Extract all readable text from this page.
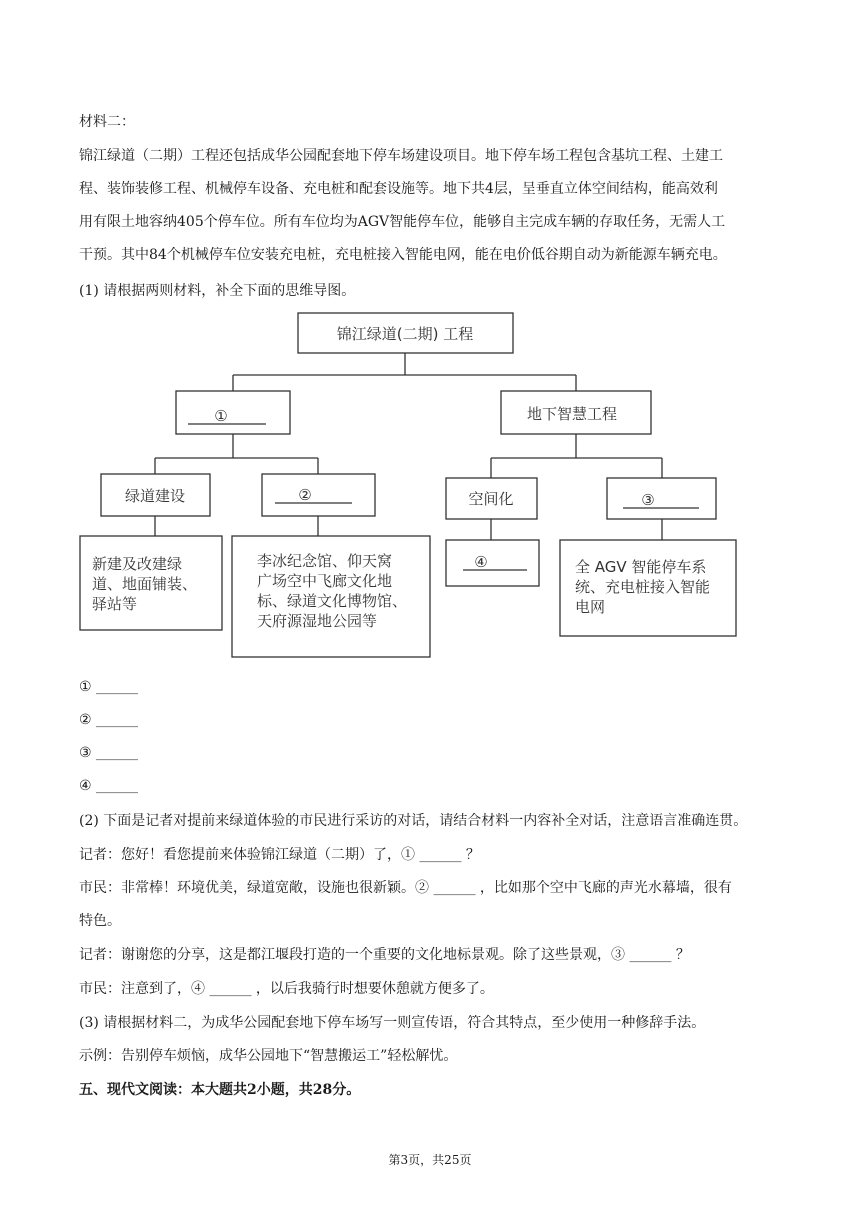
材料二：
锦江绿道（二期）工程还包括成华公园配套地下停车场建设项目。地下停车场工程包含基坑工程、土建工
程、装饰装修工程、机械停车设备、充电桩和配套设施等。地下共4层，呈垂直立体空间结构，能高效利
用有限土地容纳405个停车位。所有车位均为AGV智能停车位，能够自主完成车辆的存取任务，无需人工
干预。其中84个机械停车位安装充电桩，充电桩接入智能电网，能在电价低谷期自动为新能源车辆充电。
(1) 请根据两则材料，补全下面的思维导图。
锦江绿道(二期) 工程
①	地下智慧工程
绿道建设	②	空间化	③
④
新建及改建绿
道、地面铺装、
驿站等
李冰纪念馆、仰天窝
广场空中飞廊文化地
标、绿道文化博物馆、
天府源湿地公园等
全 AGV 智能停车系
统、充电桩接入智能
电网
① ______
② ______
③ ______
④ ______
(2) 下面是记者对提前来绿道体验的市民进行采访的对话，请结合材料一内容补全对话，注意语言准确连贯。
记者：您好！看您提前来体验锦江绿道（二期）了，① ______ ？
市民：非常棒！环境优美，绿道宽敞，设施也很新颖。② ______ ，比如那个空中飞廊的声光水幕墙，很有
特色。
记者：谢谢您的分享，这是都江堰段打造的一个重要的文化地标景观。除了这些景观，③ ______ ？
市民：注意到了，④ ______ ，以后我骑行时想要休憩就方便多了。
(3) 请根据材料二，为成华公园配套地下停车场写一则宣传语，符合其特点，至少使用一种修辞手法。
示例：告别停车烦恼，成华公园地下“智慧搬运工”轻松解忧。
五、现代文阅读：本大题共2小题，共28分。
第3页，共25页
